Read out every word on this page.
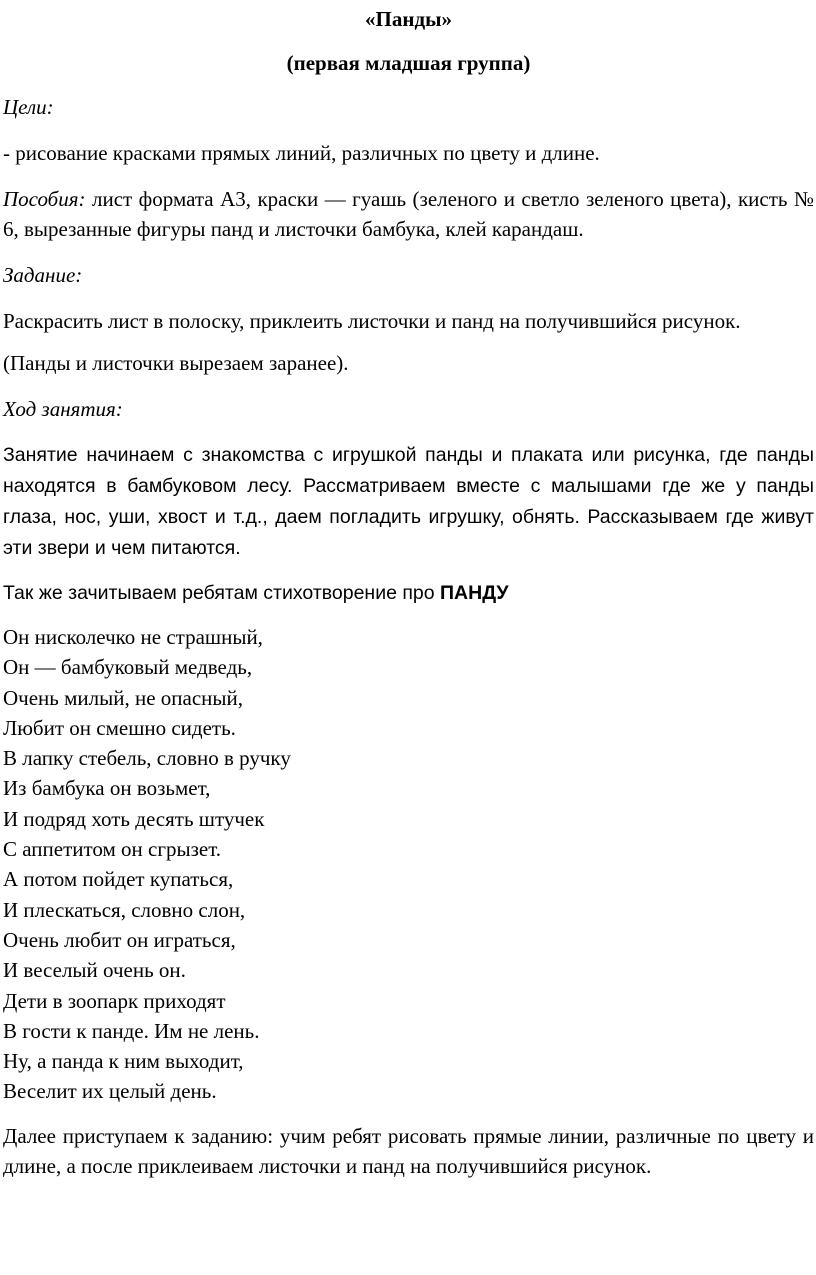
«Панды»

(первая младшая группа)

Цели:

- рисование красками прямых линий, различных по цвету и длине.

Пособия: лист формата А3, краски — гуашь (зеленого и светло зеленого цвета), кисть № 6, вырезанные фигуры панд и листочки бамбука, клей карандаш.

Задание:

Раскрасить лист в полоску, приклеить листочки и панд на получившийся рисунок.

(Панды и листочки вырезаем заранее).

Ход занятия:

Занятие начинаем с знакомства с игрушкой панды и плаката или рисунка, где панды находятся в бамбуковом лесу. Рассматриваем вместе с малышами где же у панды глаза, нос, уши, хвост и т.д., даем погладить игрушку, обнять. Рассказываем где живут эти звери и чем питаются.

Так же зачитываем ребятам стихотворение про ПАНДУ

Он нисколечко не страшный,

Он — бамбуковый медведь,

Очень милый, не опасный,

Любит он смешно сидеть.

В лапку стебель, словно в ручку

Из бамбука он возьмет,

И подряд хоть десять штучек

С аппетитом он сгрызет.

А потом пойдет купаться,

И плескаться, словно слон,

Очень любит он играться,

И веселый очень он.

Дети в зоопарк приходят

В гости к панде. Им не лень.

Ну, а панда к ним выходит,

Веселит их целый день.

Далее приступаем к заданию: учим ребят рисовать прямые линии, различные по цвету и длине, а после приклеиваем листочки и панд на получившийся рисунок.
